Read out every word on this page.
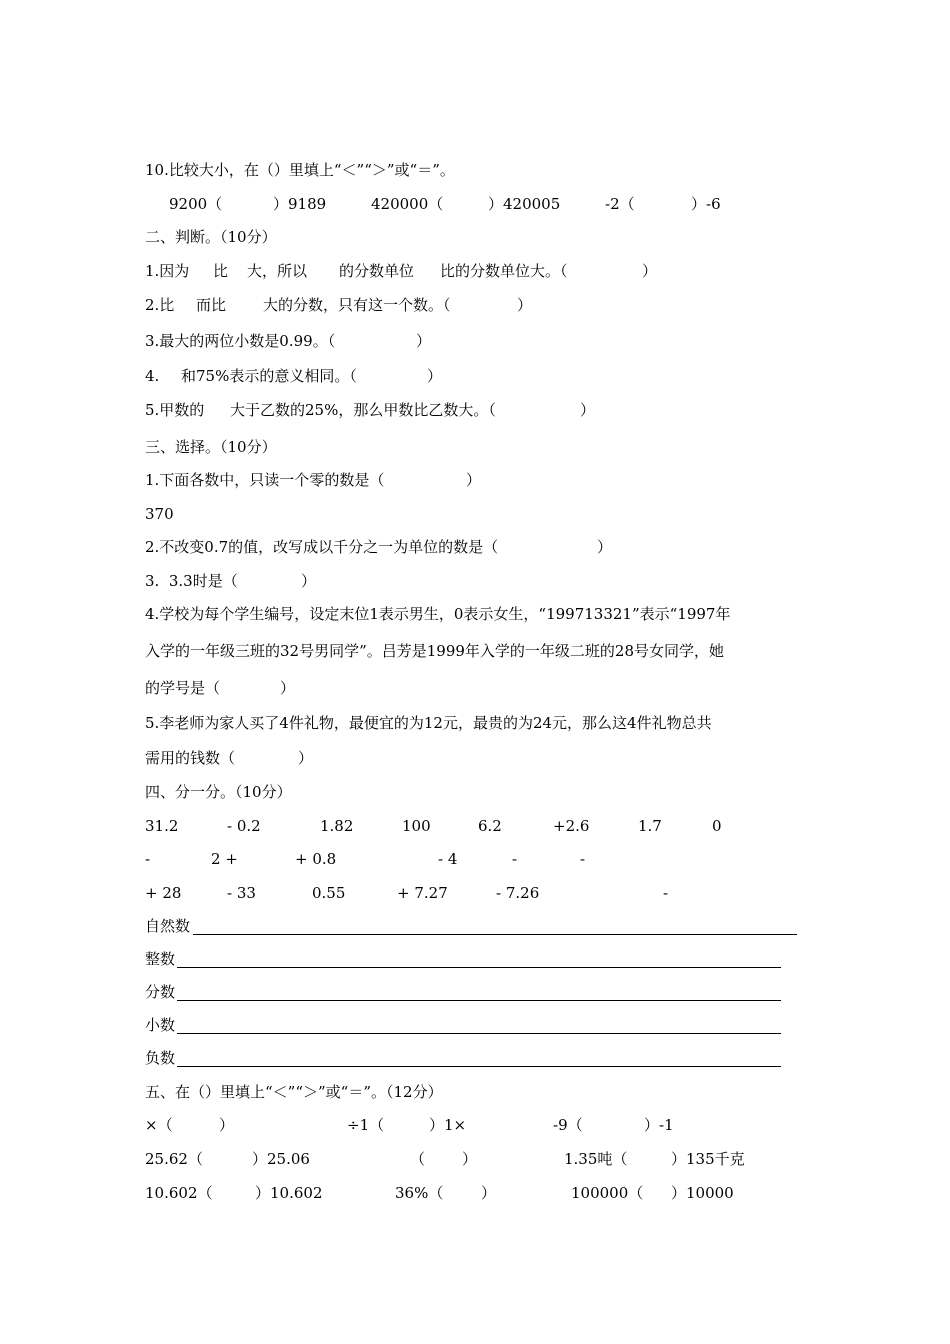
10.比较大小，在（）里填上“＜”“＞”或“＝”。
9200（	）9189	420000（	）420005	-2（	）-6
二、判断。（10分）
1.因为 比 大，所以 的分数单位 比的分数单位大。（	）
2.比 而比 大的分数，只有这一个数。（	）
3.最大的两位小数是0.99。（	）
4. 和75%表示的意义相同。（	）
5.甲数的 大于乙数的25%，那么甲数比乙数大。（	）
三、选择。（10分）
1.下面各数中，只读一个零的数是（	）
370
2.不改变0.7的值，改写成以千分之一为单位的数是（	）
3.  3.3时是（	）
4.学校为每个学生编号，设定末位1表示男生，0表示女生，“199713321”表示“1997年
入学的一年级三班的32号男同学”。吕芳是1999年入学的一年级二班的28号女同学，她
的学号是（	）
5.李老师为家人买了4件礼物，最便宜的为12元，最贵的为24元，那么这4件礼物总共
需用的钱数（	）
四、分一分。（10分）
31.2	- 0.2	1.82	100	6.2	+2.6	1.7	0
-	2 +	+ 0.8	- 4	-	-
+ 28	- 33	0.55	+ 7.27	- 7.26	-
自然数
整数
分数
小数
负数
五、在（）里填上“＜”“＞”或“＝”。（12分）
×（	）	÷1（	）1×	-9（	）-1
25.62（	）25.06	（ ）	1.35吨（	）135千克
10.602（	）10.602	36%（	）	100000（ ）10000
